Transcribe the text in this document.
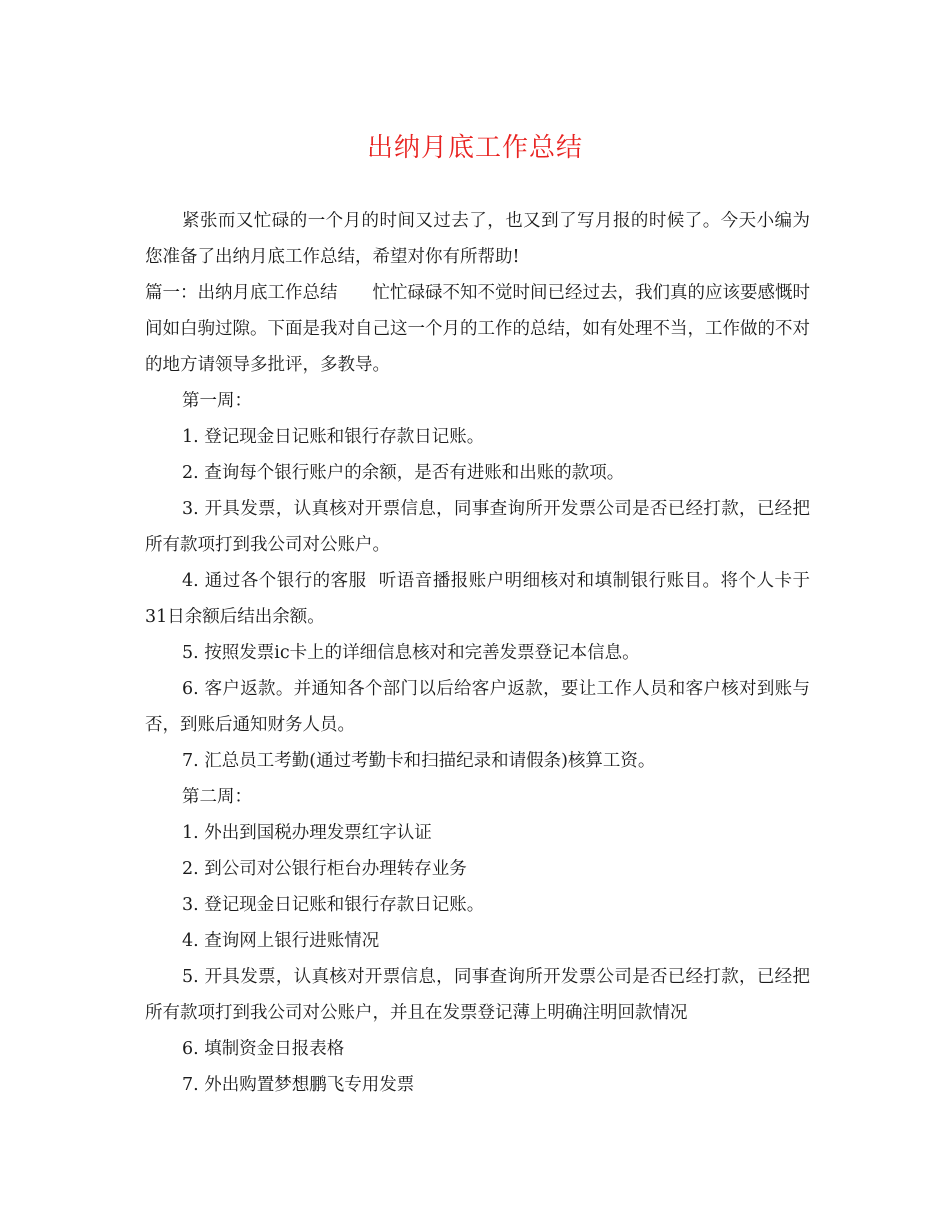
出纳月底工作总结

紧张而又忙碌的一个月的时间又过去了，也又到了写月报的时候了。今天小编为您准备了出纳月底工作总结，希望对你有所帮助!

篇一：出纳月底工作总结　　忙忙碌碌不知不觉时间已经过去，我们真的应该要感慨时间如白驹过隙。下面是我对自己这一个月的工作的总结，如有处理不当，工作做的不对的地方请领导多批评，多教导。

第一周：

1. 登记现金日记账和银行存款日记账。

2. 查询每个银行账户的余额，是否有进账和出账的款项。

3. 开具发票，认真核对开票信息，同事查询所开发票公司是否已经打款，已经把所有款项打到我公司对公账户。

4. 通过各个银行的客服  听语音播报账户明细核对和填制银行账目。将个人卡于31日余额后结出余额。

5. 按照发票ic卡上的详细信息核对和完善发票登记本信息。

6. 客户返款。并通知各个部门以后给客户返款，要让工作人员和客户核对到账与否，到账后通知财务人员。

7. 汇总员工考勤(通过考勤卡和扫描纪录和请假条)核算工资。

第二周：

1. 外出到国税办理发票红字认证

2. 到公司对公银行柜台办理转存业务

3. 登记现金日记账和银行存款日记账。

4. 查询网上银行进账情况

5. 开具发票，认真核对开票信息，同事查询所开发票公司是否已经打款，已经把所有款项打到我公司对公账户，并且在发票登记薄上明确注明回款情况

6. 填制资金日报表格

7. 外出购置梦想鹏飞专用发票
